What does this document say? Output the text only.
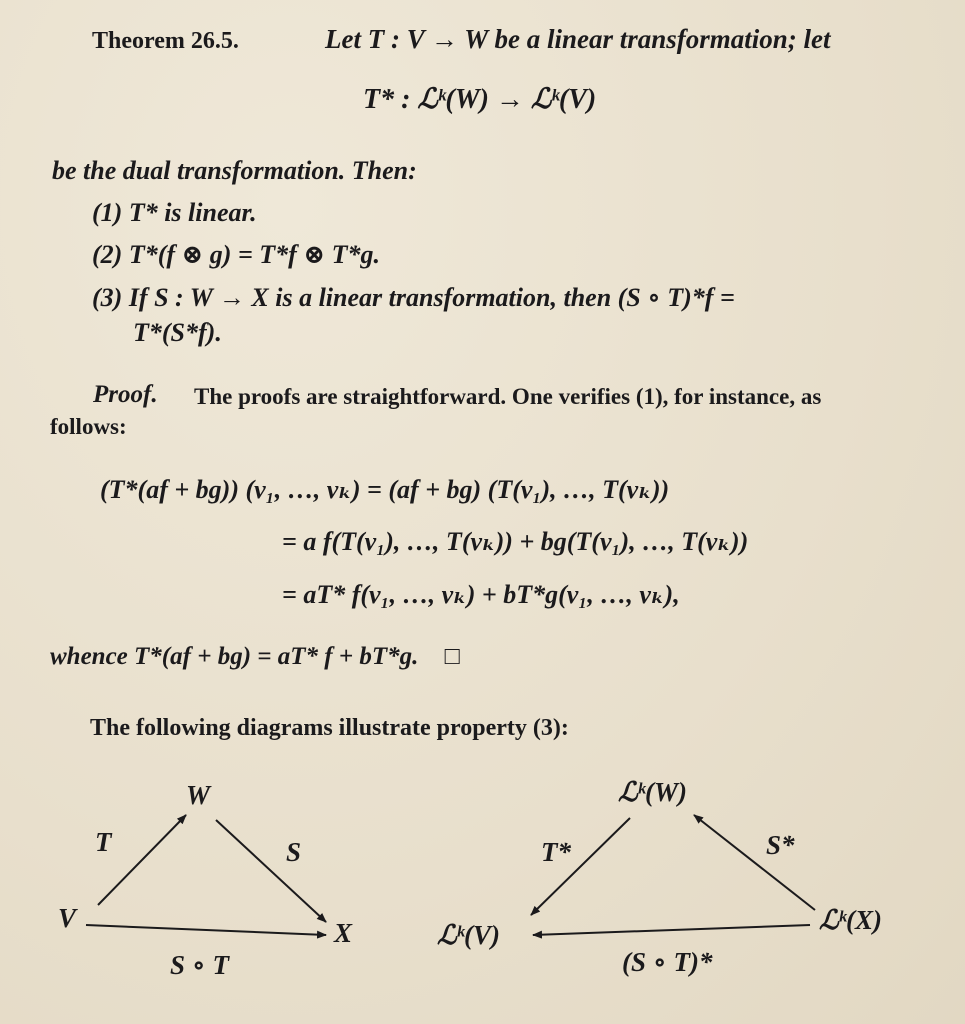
Theorem 26.5.	Let T : V → W be a linear transformation; let
T* : ℒᵏ(W) → ℒᵏ(V)
be the dual transformation. Then:
(1) T* is linear.
(2) T*(f ⊗ g) = T*f ⊗ T*g.
(3) If S : W → X is a linear transformation, then (S ∘ T)*f =
T*(S*f).
Proof. The proofs are straightforward. One verifies (1), for instance, as
follows:
(T*(af + bg)) (v₁, …, vₖ) = (af + bg) (T(v₁), …, T(vₖ))
= a f(T(v₁), …, T(vₖ)) + bg(T(v₁), …, T(vₖ))
= aT* f(v₁, …, vₖ) + bT*g(v₁, …, vₖ),
whence T*(af + bg) = aT* f + bT*g. □
The following diagrams illustrate property (3):
W
V	X
T	S
S ∘ T
ℒᵏ(W)
ℒᵏ(V)	ℒᵏ(X)
T*	S*
(S ∘ T)*
